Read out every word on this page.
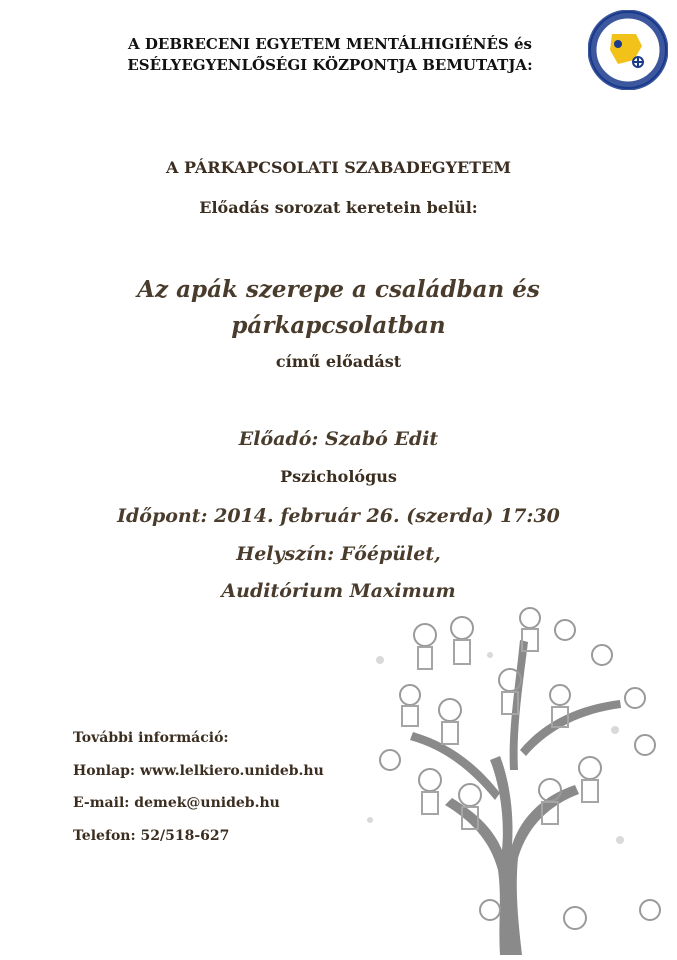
A DEBRECENI EGYETEM MENTÁLHIGIÉNÉS és
ESÉLYEGYENLŐSÉGI KÖZPONTJA BEMUTATJA:
A PÁRKAPCSOLATI SZABADEGYETEM
Előadás sorozat keretein belül:
Az apák szerepe a családban és
párkapcsolatban
című előadást
Előadó: Szabó Edit
Pszichológus
Időpont: 2014. február 26. (szerda) 17:30
Helyszín: Főépület,
Auditórium Maximum
További információ:
Honlap: www.lelkiero.unideb.hu
E-mail: demek@unideb.hu
Telefon: 52/518-627
